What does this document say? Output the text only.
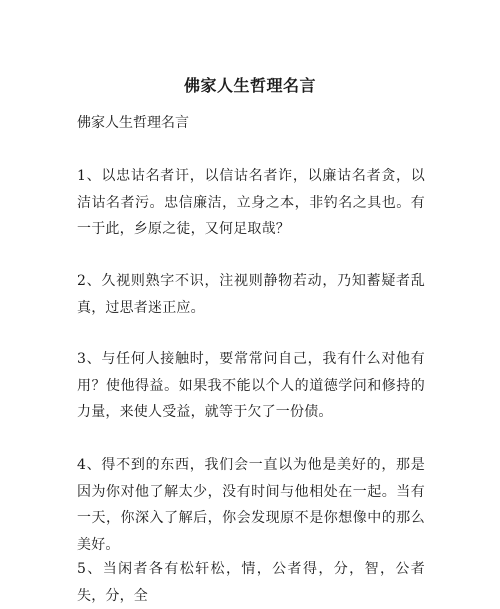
佛家人生哲理名言
佛家人生哲理名言
1、以忠诂名者讦，以信诂名者诈，以廉诂名者贪，以洁诂名者污。忠信廉洁，立身之本，非钓名之具也。有一于此，乡原之徒，又何足取哉？
2、久视则熟字不识，注视则静物若动，乃知蓄疑者乱真，过思者迷正应。
3、与任何人接触时，要常常问自己，我有什么对他有用？使他得益。如果我不能以个人的道德学问和修持的力量，来使人受益，就等于欠了一份债。
4、得不到的东西，我们会一直以为他是美好的，那是因为你对他了解太少，没有时间与他相处在一起。当有一天，你深入了解后，你会发现原不是你想像中的那么美好。
5、当闲者各有松轩松，情，公者得，分，智，公者失，分，全
